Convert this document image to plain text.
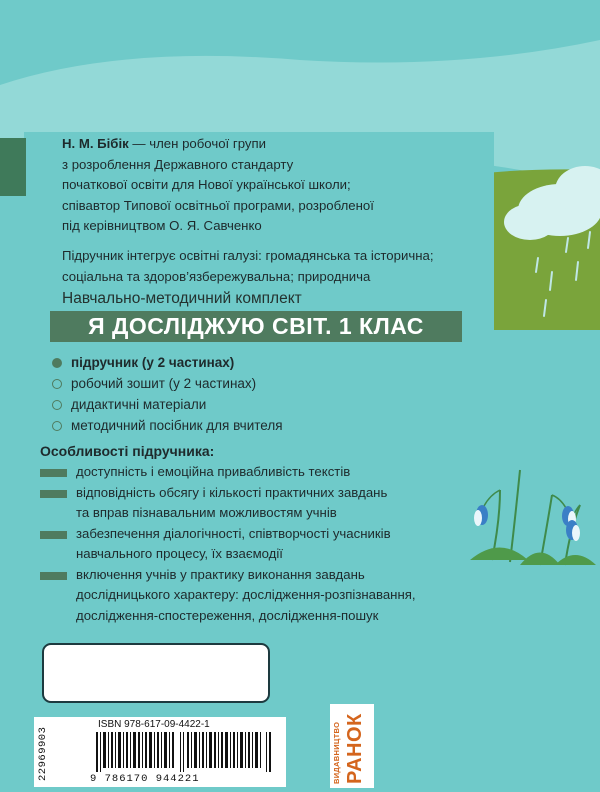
Н. М. Бібік — член робочої групи
з розроблення Державного стандарту
початкової освіти для Нової української школи;
співавтор Типової освітньої програми, розробленої
під керівництвом О. Я. Савченко
Підручник інтегрує освітні галузі: громадянська та історична;
соціальна та здоров’язбережувальна; природнича
Навчально-методичний комплект
Я ДОСЛІДЖУЮ СВІТ. 1 КЛАС
підручник (у 2 частинах)
робочий зошит (у 2 частинах)
дидактичні матеріали
методичний посібник для вчителя
Особливості підручника:
доступність і емоційна привабливість текстів
відповідність обсягу і кількості практичних завдань
та вправ пізнавальним можливостям учнів
забезпечення діалогічності, співтворчості учасників
навчального процесу, їх взаємодії
включення учнів у практику виконання завдань
дослідницького характеру: дослідження-розпізнавання,
дослідження-спостереження, дослідження-пошук
ISBN 978-617-09-4422-1
9 786170 944221
22969903	ВИДАВНИЦТВО РАНОК
